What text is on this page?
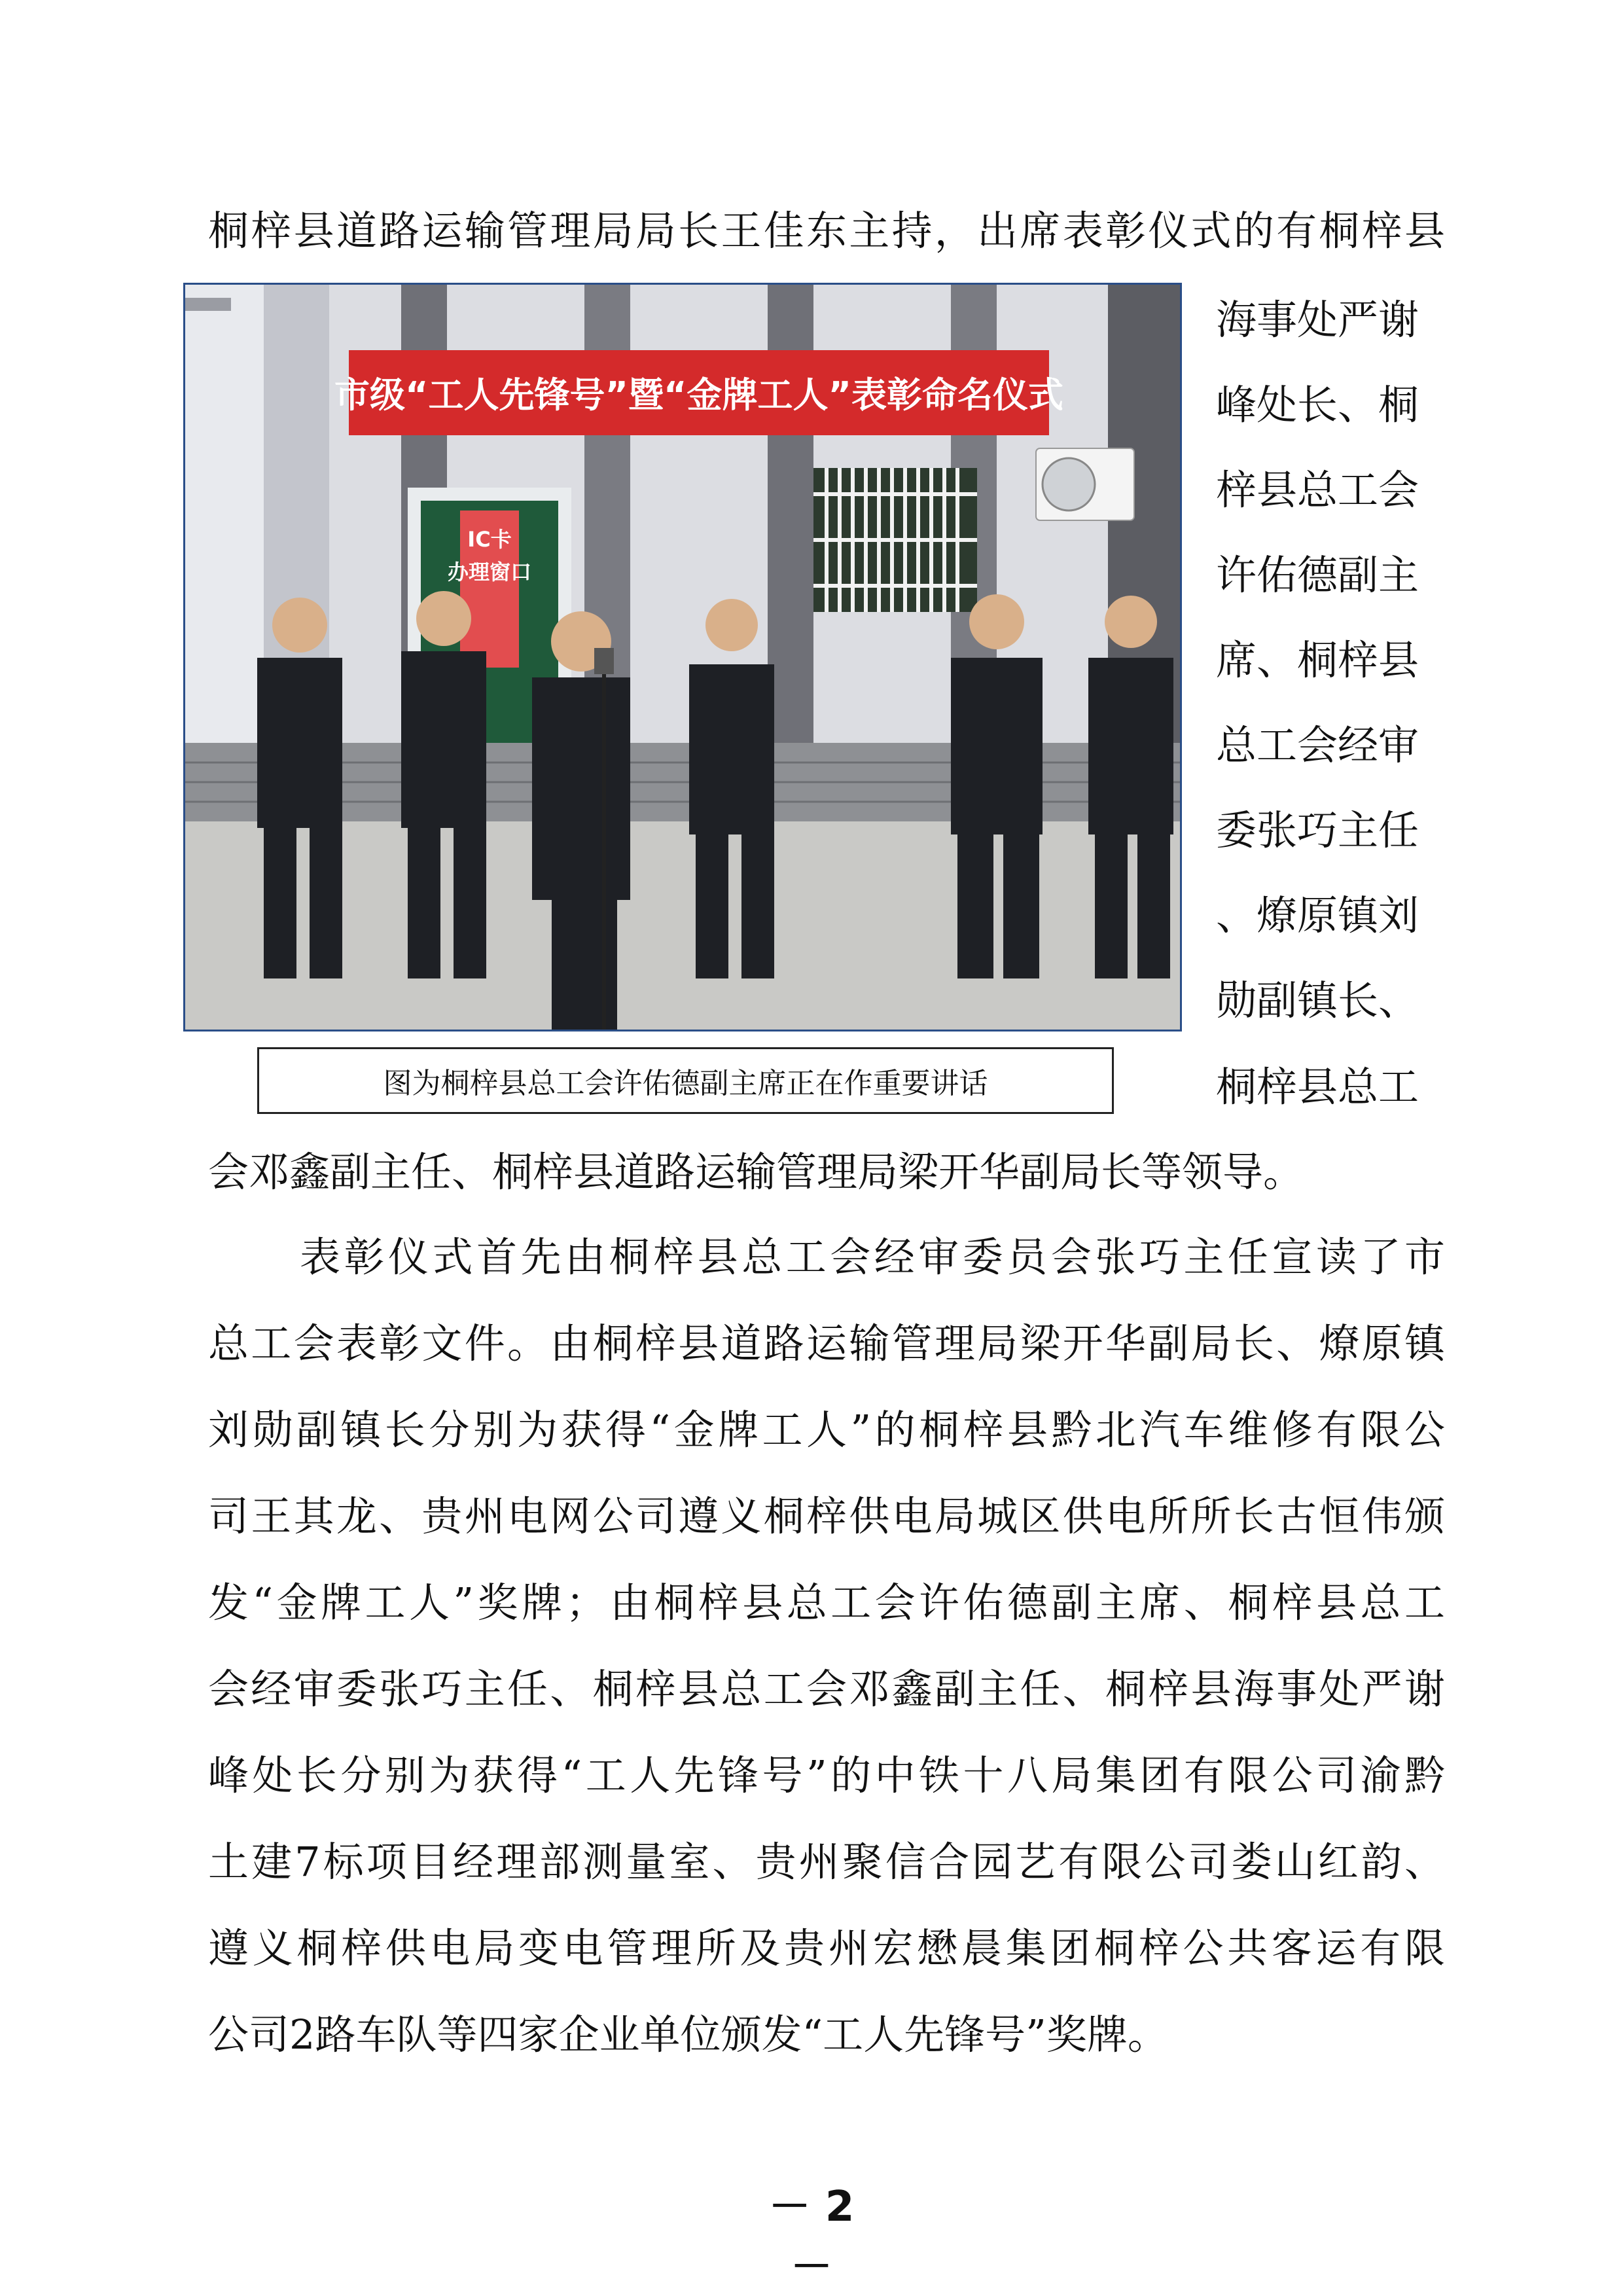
桐梓县道路运输管理局局长王佳东主持，出席表彰仪式的有桐梓县
海事处严谢
峰处长、桐
梓县总工会
许佑德副主
席、桐梓县
总工会经审
委张巧主任
、燎原镇刘
勋副镇长、
桐梓县总工
会邓鑫副主任、桐梓县道路运输管理局梁开华副局长等领导。
市级“工人先锋号”暨“金牌工人”表彰命名仪式
IC卡
办理窗口
图为桐梓县总工会许佑德副主席正在作重要讲话
表彰仪式首先由桐梓县总工会经审委员会张巧主任宣读了市
总工会表彰文件。由桐梓县道路运输管理局梁开华副局长、燎原镇
刘勋副镇长分别为获得“金牌工人”的桐梓县黔北汽车维修有限公
司王其龙、贵州电网公司遵义桐梓供电局城区供电所所长古恒伟颁
发“金牌工人”奖牌；由桐梓县总工会许佑德副主席、桐梓县总工
会经审委张巧主任、桐梓县总工会邓鑫副主任、桐梓县海事处严谢
峰处长分别为获得“工人先锋号”的中铁十八局集团有限公司渝黔
土建7标项目经理部测量室、贵州聚信合园艺有限公司娄山红韵、
遵义桐梓供电局变电管理所及贵州宏懋晨集团桐梓公共客运有限
公司2路车队等四家企业单位颁发“工人先锋号”奖牌。
－ 2 －
